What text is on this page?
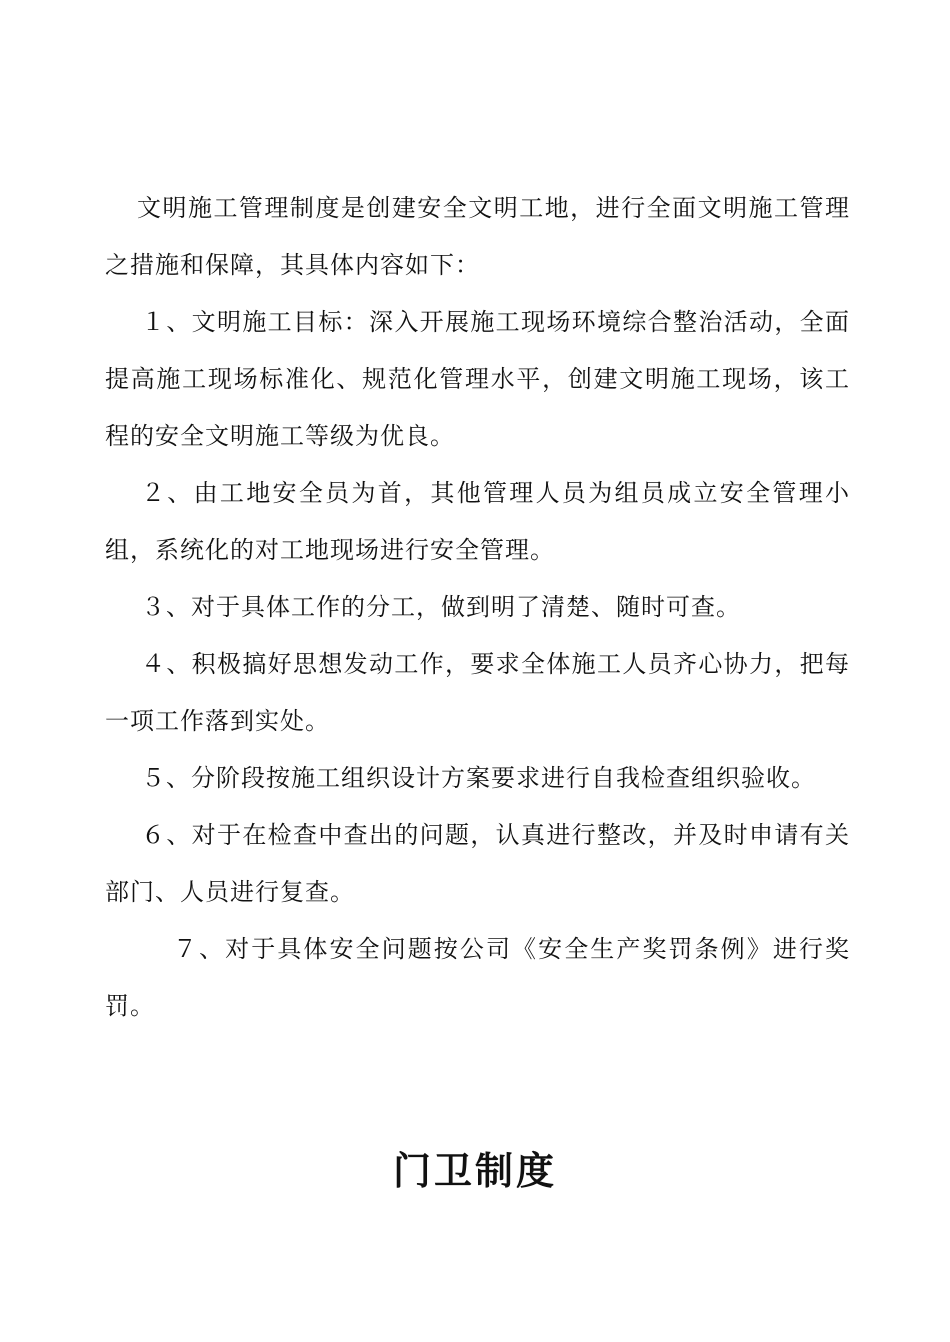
文明施工管理制度是创建安全文明工地，进行全面文明施工管理之措施和保障，其具体内容如下：

１、文明施工目标：深入开展施工现场环境综合整治活动，全面提高施工现场标准化、规范化管理水平，创建文明施工现场，该工程的安全文明施工等级为优良。

２、由工地安全员为首，其他管理人员为组员成立安全管理小组，系统化的对工地现场进行安全管理。

３、对于具体工作的分工，做到明了清楚、随时可查。

４、积极搞好思想发动工作，要求全体施工人员齐心协力，把每一项工作落到实处。

５、分阶段按施工组织设计方案要求进行自我检查组织验收。

６、对于在检查中查出的问题，认真进行整改，并及时申请有关部门、人员进行复查。

７、对于具体安全问题按公司《安全生产奖罚条例》进行奖罚。

门卫制度
